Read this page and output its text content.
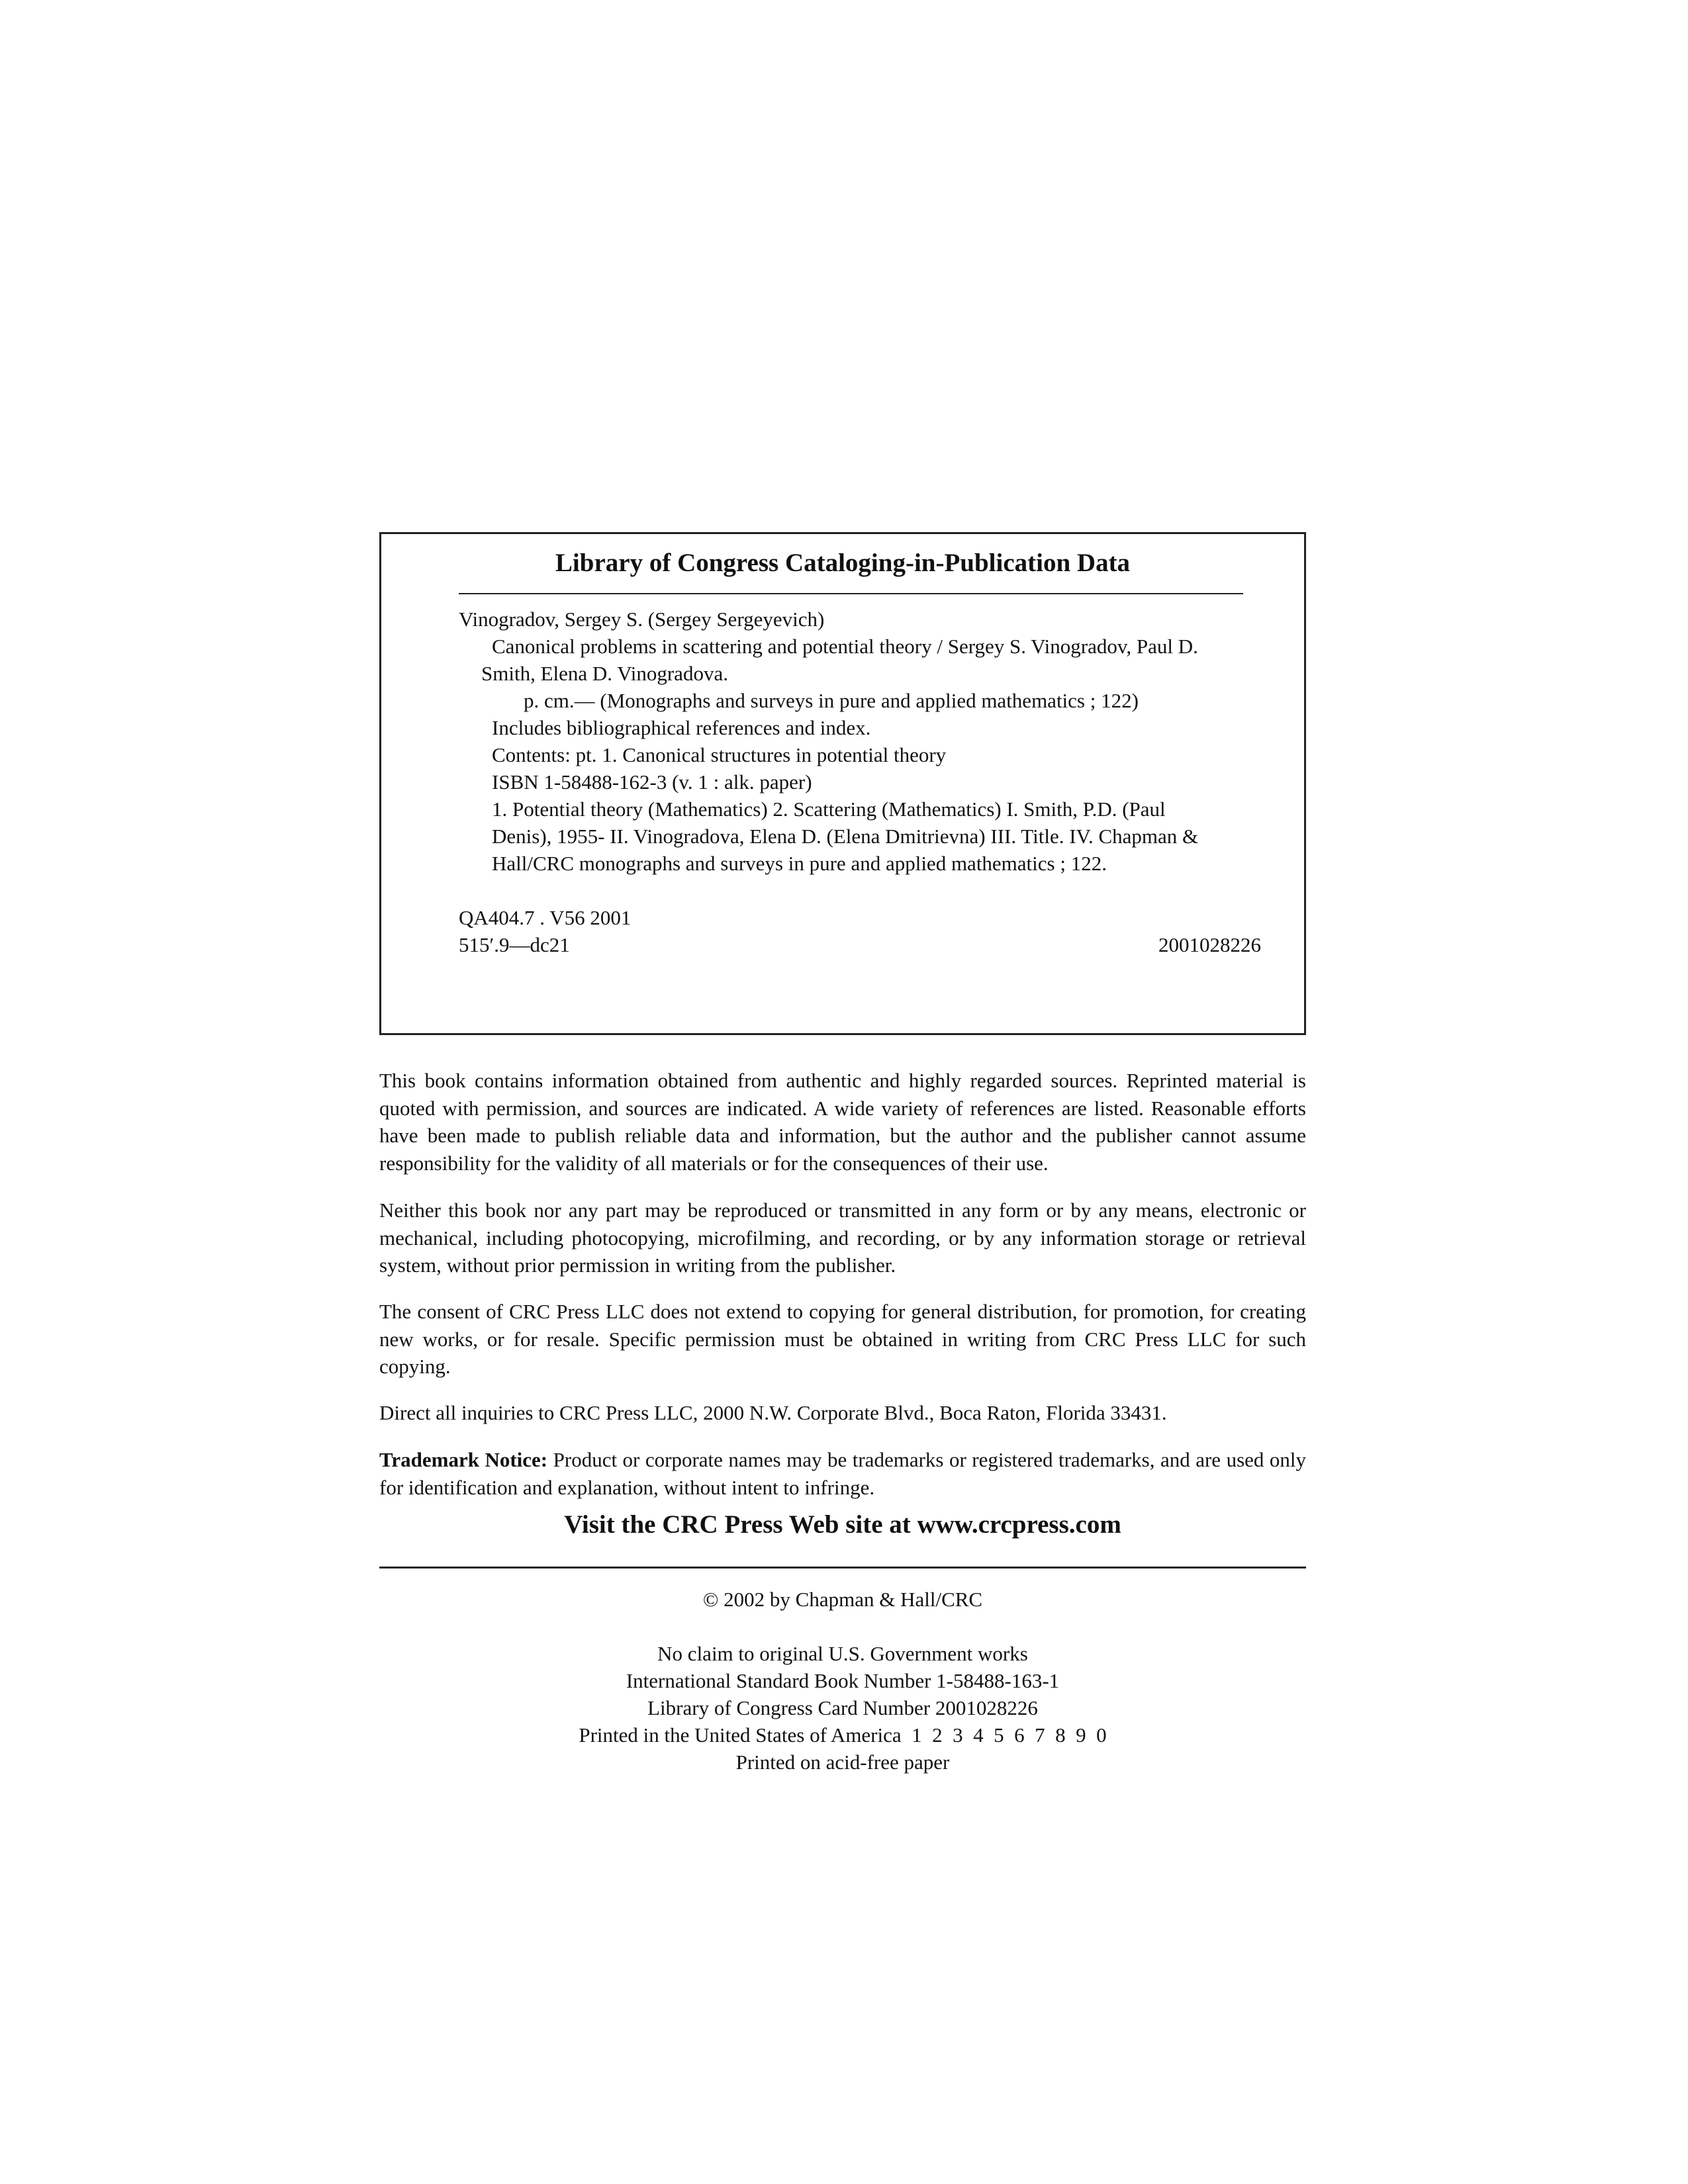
Library of Congress Cataloging-in-Publication Data
Vinogradov, Sergey S. (Sergey Sergeyevich)
Canonical problems in scattering and potential theory / Sergey S. Vinogradov, Paul D.
Smith, Elena D. Vinogradova.
p. cm.— (Monographs and surveys in pure and applied mathematics ; 122)
Includes bibliographical references and index.
Contents: pt. 1. Canonical structures in potential theory
ISBN 1-58488-162-3 (v. 1 : alk. paper)
1. Potential theory (Mathematics) 2. Scattering (Mathematics) I. Smith, P.D. (Paul
Denis), 1955- II. Vinogradova, Elena D. (Elena Dmitrievna) III. Title. IV. Chapman &
Hall/CRC monographs and surveys in pure and applied mathematics ; 122.
QA404.7 . V56 2001
515′.9—dc21	2001028226

This book contains information obtained from authentic and highly regarded sources. Reprinted material is quoted with permission, and sources are indicated. A wide variety of references are listed. Reasonable efforts have been made to publish reliable data and information, but the author and the publisher cannot assume responsibility for the validity of all materials or for the consequences of their use.

Neither this book nor any part may be reproduced or transmitted in any form or by any means, electronic or mechanical, including photocopying, microfilming, and recording, or by any information storage or retrieval system, without prior permission in writing from the publisher.

The consent of CRC Press LLC does not extend to copying for general distribution, for promotion, for creating new works, or for resale. Specific permission must be obtained in writing from CRC Press LLC for such copying.

Direct all inquiries to CRC Press LLC, 2000 N.W. Corporate Blvd., Boca Raton, Florida 33431.

Trademark Notice: Product or corporate names may be trademarks or registered trademarks, and are used only for identification and explanation, without intent to infringe.

Visit the CRC Press Web site at www.crcpress.com
© 2002 by Chapman & Hall/CRC
No claim to original U.S. Government works
International Standard Book Number 1-58488-163-1
Library of Congress Card Number 2001028226
Printed in the United States of America  1  2  3  4  5  6  7  8  9  0
Printed on acid-free paper
